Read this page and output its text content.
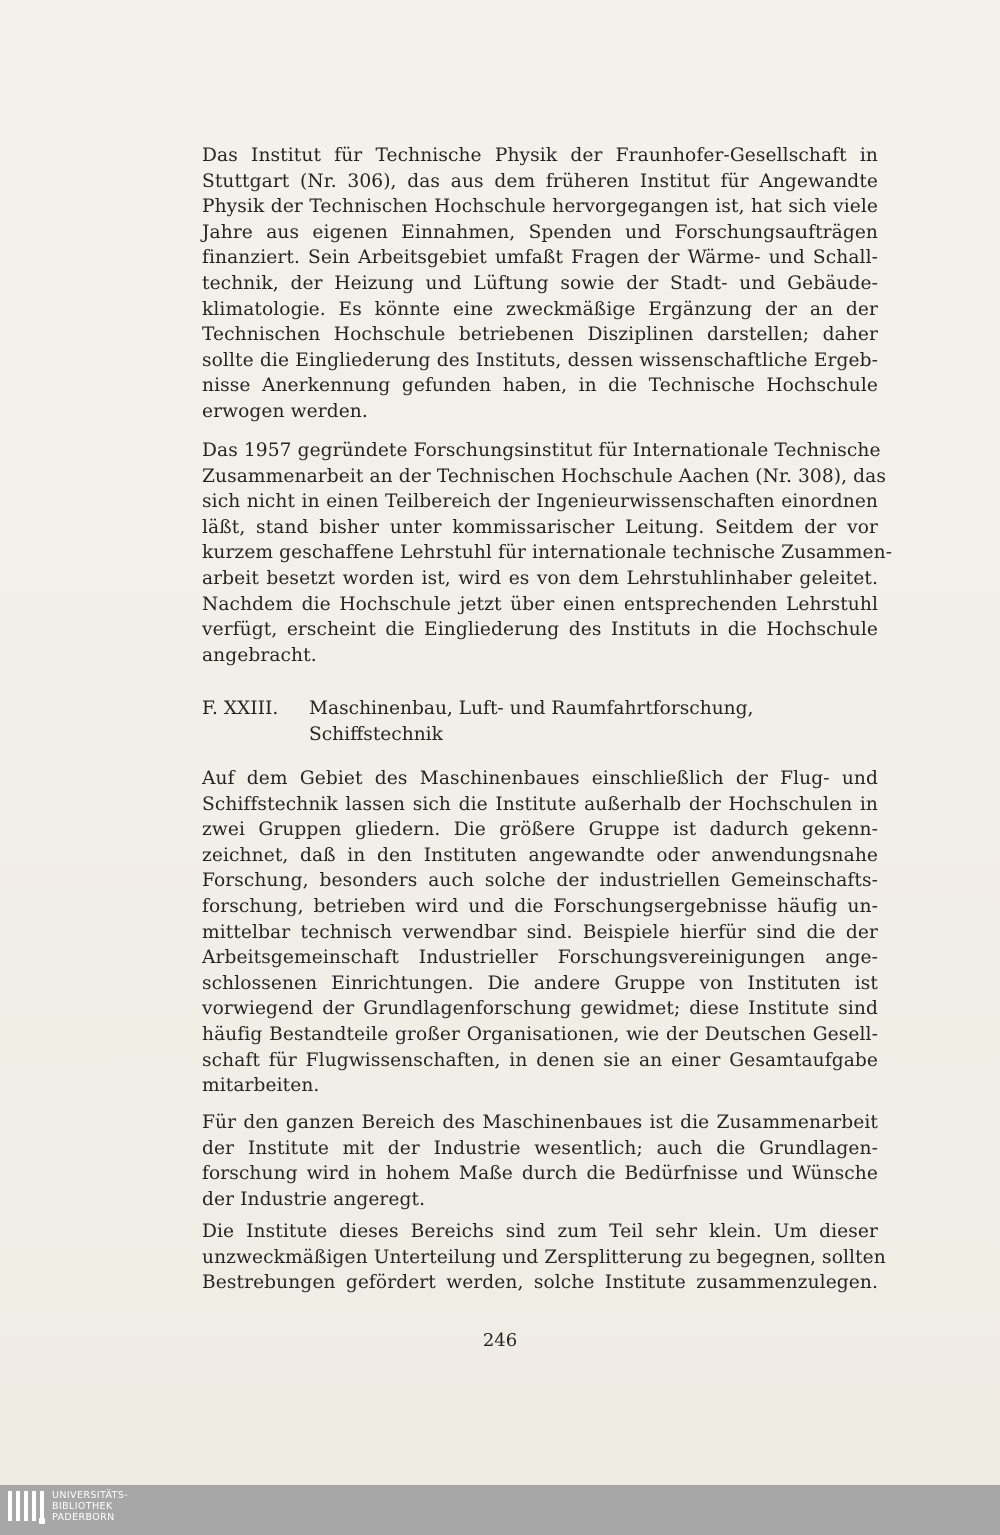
Das Institut für Technische Physik der Fraunhofer-Gesellschaft in
Stuttgart (Nr. 306), das aus dem früheren Institut für Angewandte
Physik der Technischen Hochschule hervorgegangen ist, hat sich viele
Jahre aus eigenen Einnahmen, Spenden und Forschungsaufträgen
finanziert. Sein Arbeitsgebiet umfaßt Fragen der Wärme- und Schall-
technik, der Heizung und Lüftung sowie der Stadt- und Gebäude-
klimatologie. Es könnte eine zweckmäßige Ergänzung der an der
Technischen Hochschule betriebenen Disziplinen darstellen; daher
sollte die Eingliederung des Instituts, dessen wissenschaftliche Ergeb-
nisse Anerkennung gefunden haben, in die Technische Hochschule
erwogen werden.
Das 1957 gegründete Forschungsinstitut für Internationale Technische
Zusammenarbeit an der Technischen Hochschule Aachen (Nr. 308), das
sich nicht in einen Teilbereich der Ingenieurwissenschaften einordnen
läßt, stand bisher unter kommissarischer Leitung. Seitdem der vor
kurzem geschaffene Lehrstuhl für internationale technische Zusammen-
arbeit besetzt worden ist, wird es von dem Lehrstuhlinhaber geleitet.
Nachdem die Hochschule jetzt über einen entsprechenden Lehrstuhl
verfügt, erscheint die Eingliederung des Instituts in die Hochschule
angebracht.
F. XXIII. Maschinenbau, Luft- und Raumfahrtforschung,
Schiffstechnik
Auf dem Gebiet des Maschinenbaues einschließlich der Flug- und
Schiffstechnik lassen sich die Institute außerhalb der Hochschulen in
zwei Gruppen gliedern. Die größere Gruppe ist dadurch gekenn-
zeichnet, daß in den Instituten angewandte oder anwendungsnahe
Forschung, besonders auch solche der industriellen Gemeinschafts-
forschung, betrieben wird und die Forschungsergebnisse häufig un-
mittelbar technisch verwendbar sind. Beispiele hierfür sind die der
Arbeitsgemeinschaft Industrieller Forschungsvereinigungen ange-
schlossenen Einrichtungen. Die andere Gruppe von Instituten ist
vorwiegend der Grundlagenforschung gewidmet; diese Institute sind
häufig Bestandteile großer Organisationen, wie der Deutschen Gesell-
schaft für Flugwissenschaften, in denen sie an einer Gesamtaufgabe
mitarbeiten.
Für den ganzen Bereich des Maschinenbaues ist die Zusammenarbeit
der Institute mit der Industrie wesentlich; auch die Grundlagen-
forschung wird in hohem Maße durch die Bedürfnisse und Wünsche
der Industrie angeregt.
Die Institute dieses Bereichs sind zum Teil sehr klein. Um dieser
unzweckmäßigen Unterteilung und Zersplitterung zu begegnen, sollten
Bestrebungen gefördert werden, solche Institute zusammenzulegen.
246
UNIVERSITÄTS-
BIBLIOTHEK
PADERBORN
